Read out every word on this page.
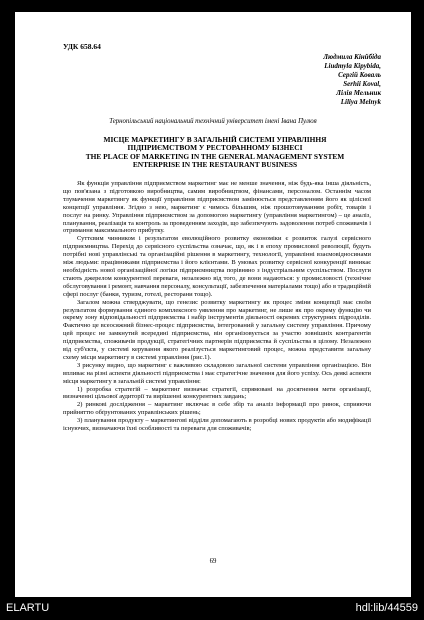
УДК 658.64
Людмила Кінйбіда
Liudmyla Kipybida,
Сергій Коваль
Serhii Koval,
Лілія Мельник
Liliya Melnyk
Тернопільський національний технічний університет імені Івана Пулюя
МІСЦЕ МАРКЕТИНГУ В ЗАГАЛЬНІЙ СИСТЕМІ УПРАВЛІННЯ
ПІДПРИЄМСТВОМ У РЕСТОРАННОМУ БІЗНЕСІ
THE PLACE OF MARKETING IN THE GENERAL MANAGEMENT SYSTEM
ENTERPRISE IN THE RESTAURANT BUSINESS

Як функція управління підприємством маркетинг має не менше значення, ніж будь-яка інша діяльність, що пов'язана з підготовкою виробництва, самим виробництвом, фінансами, персоналом. Останнім часом тлумачення маркетингу як функції управління підприємством замінюється представленням його як цілісної концепції управління. Згідно з нею, маркетинг є чимось більшим, ніж прошотовуванням робіт, товарів і послуг на ринку. Управління підприємством за допомогою маркетингу (управління маркетингом) – це аналіз, планування, реалізація та контроль за проведенням заходів, що забезпечують задоволення потреб споживачів і отримання максимального прибутку.

Суттєвим чинником і результатом еволюційного розвитку економіки є розвиток галузі сервісного підприємництва. Перехід до сервісного суспільства означає, що, як і в епоху промислової революції, будуть потрібні нові управлінські та організаційні рішення в маркетингу, технології, управлінні взаємовідносинами між людьми: працівниками підприємства і його клієнтами. В умовах розвитку сервісної конкуренції виникає необхідність нової організаційної логіки підприємництва порівняно з індустріальним суспільством. Послуги стають джерелом конкурентної переваги, незалежно від того, де вони надаються: у промисловості (технічне обслуговування і ремонт, навчання персоналу, консультації, забезпечення матеріалами тощо) або в традиційній сфері послуг (банки, туризм, готелі, ресторани тощо).

Загалом можна стверджувати, що генезис розвитку маркетингу як процес зміни концепції має своїм результатом формування єдиного комплексного уявлення про маркетинг, не лише як про окрему функцію чи окрему зону відповідальності підприємства і набір інструментів діяльності окремих структурних підрозділів. Фактично це всеосяжний бізнес-процес підприємства, інтегрований у загальну систему управління. Причому цей процес не замкнутий всередині підприємства, він організовується за участю зовнішніх контрагентів підприємства, споживачів продукції, стратегічних партнерів підприємства й суспільства в цілому. Незалежно від суб'єкта, у системі керування якого реалізується маркетинговий процес, можна представити загальну схему місця маркетингу в системі управління (рис.1).

З рисунку видно, що маркетинг є важливою складовою загальної системи управління організацією. Він впливає на різні аспекти діяльності підприємства і має стратегічне значення для його успіху. Ось деякі аспекти місця маркетингу в загальній системі управління:

1) розробка стратегій – маркетинг визначає стратегії, спрямовані на досягнення мети організації, визначенні цільової аудиторії та вирішенні конкурентних завдань;

2) ринкові дослідження – маркетинг включає в себе збір та аналіз інформації про ринок, сприяючи прийняттю обґрунтованих управлінських рішень;

3) планування продукту – маркетингові відділи допомагають в розробці нових продуктів або модифікації існуючих, визначаючи їхні особливості та переваги для споживачів;

69
ELARTU	hdl:lib/44559
